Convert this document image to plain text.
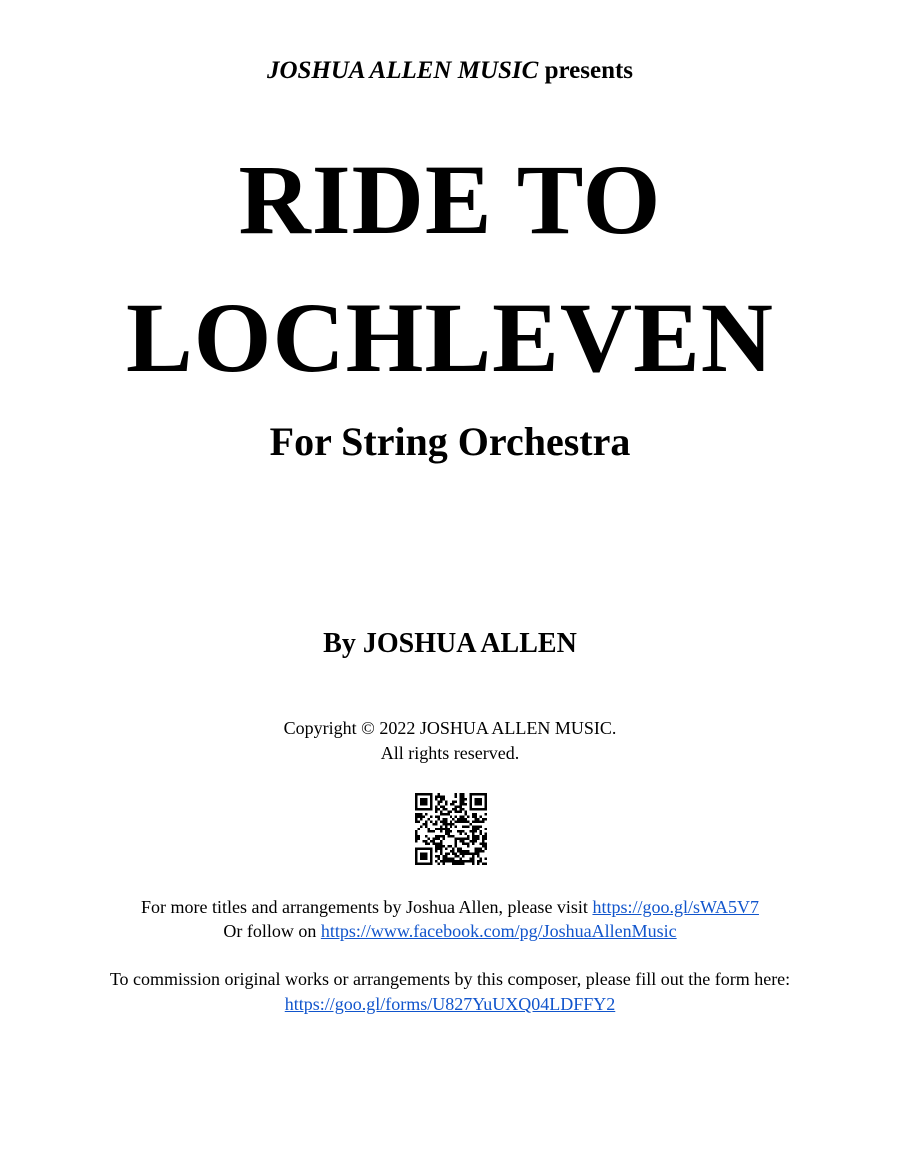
JOSHUA ALLEN MUSIC presents
RIDE TO
LOCHLEVEN
For String Orchestra
By JOSHUA ALLEN
Copyright © 2022 JOSHUA ALLEN MUSIC.
All rights reserved.
For more titles and arrangements by Joshua Allen, please visit https://goo.gl/sWA5V7
Or follow on https://www.facebook.com/pg/JoshuaAllenMusic
To commission original works or arrangements by this composer, please fill out the form here:
https://goo.gl/forms/U827YuUXQ04LDFFY2
